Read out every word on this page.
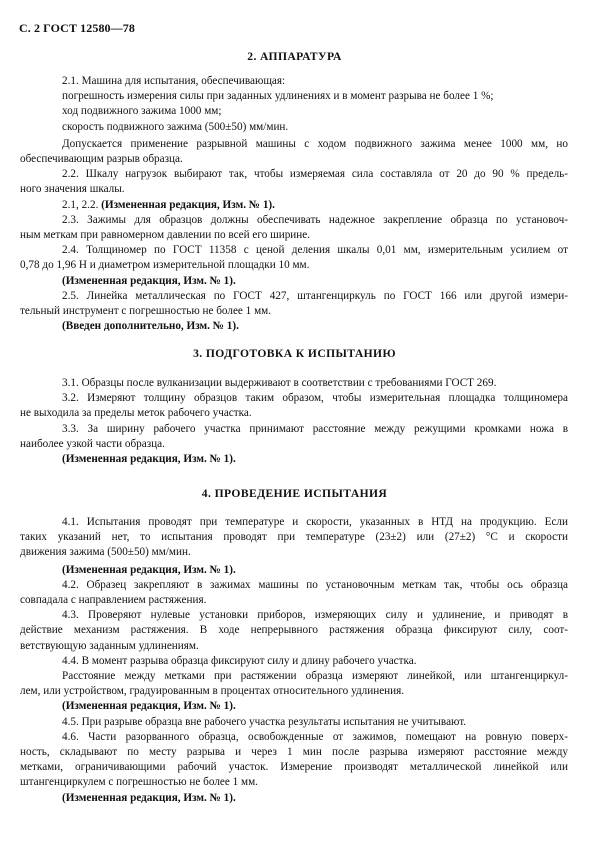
С. 2 ГОСТ 12580—78
2. АППАРАТУРА
2.1. Машина для испытания, обеспечивающая:
погрешность измерения силы при заданных удлинениях и в момент разрыва не более 1 %;
ход подвижного зажима 1000 мм;
скорость подвижного зажима (500±50) мм/мин.
Допускается применение разрывной машины с ходом подвижного зажима менее 1000 мм, но
обеспечивающим разрыв образца.
2.2. Шкалу нагрузок выбирают так, чтобы измеряемая сила составляла от 20 до 90 % предель-
ного значения шкалы.
2.1, 2.2. (Измененная редакция, Изм. № 1).
2.3. Зажимы для образцов должны обеспечивать надежное закрепление образца по установоч-
ным меткам при равномерном давлении по всей его ширине.
2.4. Толщиномер по ГОСТ 11358 с ценой деления шкалы 0,01 мм, измерительным усилием от
0,78 до 1,96 Н и диаметром измерительной площадки 10 мм.
(Измененная редакция, Изм. № 1).
2.5. Линейка металлическая по ГОСТ 427, штангенциркуль по ГОСТ 166 или другой измери-
тельный инструмент с погрешностью не более 1 мм.
(Введен дополнительно, Изм. № 1).
3. ПОДГОТОВКА К ИСПЫТАНИЮ
3.1. Образцы после вулканизации выдерживают в соответствии с требованиями ГОСТ 269.
3.2. Измеряют толщину образцов таким образом, чтобы измерительная площадка толщиномера
не выходила за пределы меток рабочего участка.
3.3. За ширину рабочего участка принимают расстояние между режущими кромками ножа в
наиболее узкой части образца.
(Измененная редакция, Изм. № 1).
4. ПРОВЕДЕНИЕ ИСПЫТАНИЯ
4.1. Испытания проводят при температуре и скорости, указанных в НТД на продукцию. Если
таких указаний нет, то испытания проводят при температуре (23±2) или (27±2) °С и скорости
движения зажима (500±50) мм/мин.
(Измененная редакция, Изм. № 1).
4.2. Образец закрепляют в зажимах машины по установочным меткам так, чтобы ось образца
совпадала с направлением растяжения.
4.3. Проверяют нулевые установки приборов, измеряющих силу и удлинение, и приводят в
действие механизм растяжения. В ходе непрерывного растяжения образца фиксируют силу, соот-
ветствующую заданным удлинениям.
4.4. В момент разрыва образца фиксируют силу и длину рабочего участка.
Расстояние между метками при растяжении образца измеряют линейкой, или штангенциркул-
лем, или устройством, градуированным в процентах относительного удлинения.
(Измененная редакция, Изм. № 1).
4.5. При разрыве образца вне рабочего участка результаты испытания не учитывают.
4.6. Части разорванного образца, освобожденные от зажимов, помещают на ровную поверх-
ность, складывают по месту разрыва и через 1 мин после разрыва измеряют расстояние между
метками, ограничивающими рабочий участок. Измерение производят металлической линейкой или
штангенциркулем с погрешностью не более 1 мм.
(Измененная редакция, Изм. № 1).
